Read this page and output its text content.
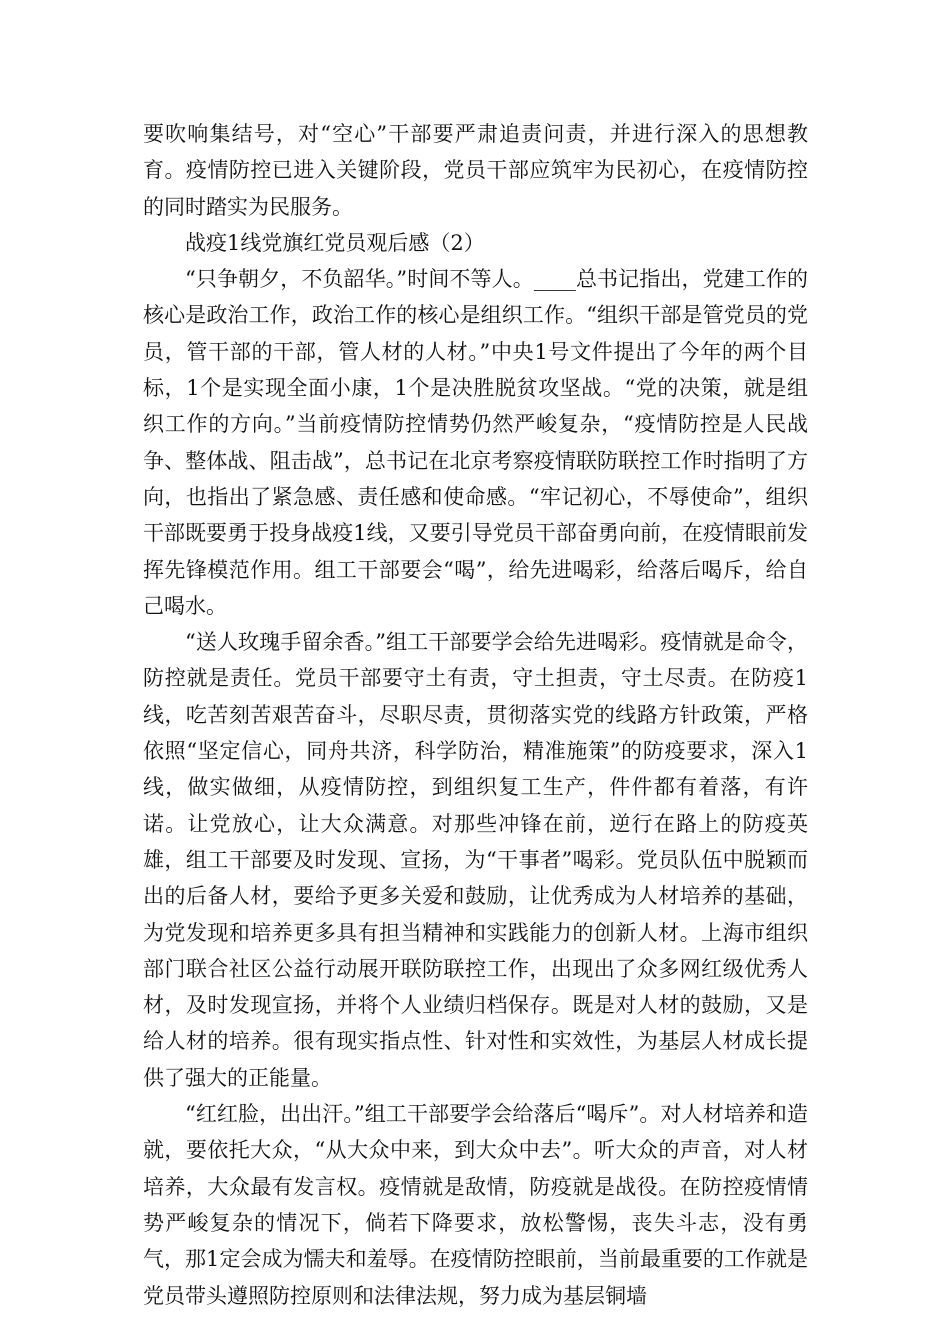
要吹响集结号，对“空心”干部要严肃追责问责，并进行深入的思想教育。疫情防控已进入关键阶段，党员干部应筑牢为民初心，在疫情防控的同时踏实为民服务。

战疫1线党旗红党员观后感（2）

“只争朝夕，不负韶华。”时间不等人。____总书记指出，党建工作的核心是政治工作，政治工作的核心是组织工作。“组织干部是管党员的党员，管干部的干部，管人材的人材。”中央1号文件提出了今年的两个目标，1个是实现全面小康，1个是决胜脱贫攻坚战。“党的决策，就是组织工作的方向。”当前疫情防控情势仍然严峻复杂，“疫情防控是人民战争、整体战、阻击战”，总书记在北京考察疫情联防联控工作时指明了方向，也指出了紧急感、责任感和使命感。“牢记初心，不辱使命”，组织干部既要勇于投身战疫1线，又要引导党员干部奋勇向前，在疫情眼前发挥先锋模范作用。组工干部要会“喝”，给先进喝彩，给落后喝斥，给自己喝水。

“送人玫瑰手留余香。”组工干部要学会给先进喝彩。疫情就是命令，防控就是责任。党员干部要守土有责，守土担责，守土尽责。在防疫1线，吃苦刻苦艰苦奋斗，尽职尽责，贯彻落实党的线路方针政策，严格依照“坚定信心，同舟共济，科学防治，精准施策”的防疫要求，深入1线，做实做细，从疫情防控，到组织复工生产，件件都有着落，有许诺。让党放心，让大众满意。对那些冲锋在前，逆行在路上的防疫英雄，组工干部要及时发现、宣扬，为“干事者”喝彩。党员队伍中脱颖而出的后备人材，要给予更多关爱和鼓励，让优秀成为人材培养的基础，为党发现和培养更多具有担当精神和实践能力的创新人材。上海市组织部门联合社区公益行动展开联防联控工作，出现出了众多网红级优秀人材，及时发现宣扬，并将个人业绩归档保存。既是对人材的鼓励，又是给人材的培养。很有现实指点性、针对性和实效性，为基层人材成长提供了强大的正能量。

“红红脸，出出汗。”组工干部要学会给落后“喝斥”。对人材培养和造就，要依托大众，“从大众中来，到大众中去”。听大众的声音，对人材培养，大众最有发言权。疫情就是敌情，防疫就是战役。在防控疫情情势严峻复杂的情况下，倘若下降要求，放松警惕，丧失斗志，没有勇气，那1定会成为懦夫和羞辱。在疫情防控眼前，当前最重要的工作就是党员带头遵照防控原则和法律法规，努力成为基层铜墙
